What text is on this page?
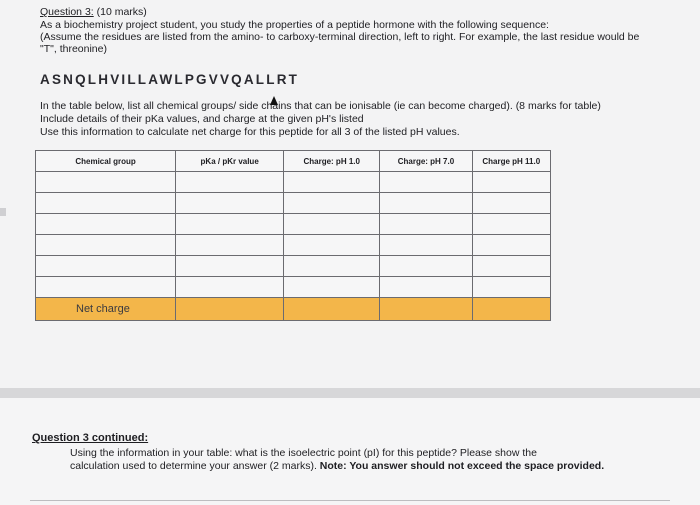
Question 3: (10 marks)
As a biochemistry project student, you study the properties of a peptide hormone with the following sequence:
(Assume the residues are listed from the amino- to carboxy-terminal direction, left to right. For example, the last residue would be
"T", threonine)
ASNQLHVILLAWLPGVVQALLRT
In the table below, list all chemical groups/ side chains that can be ionisable (ie can become charged). (8 marks for table)
Include details of their pKa values, and charge at the given pH's listed
Use this information to calculate net charge for this peptide for all 3 of the listed pH values.
Chemical group	pKa / pKr value	Charge: pH 1.0	Charge: pH 7.0	Charge pH 11.0

Net charge				
Question 3 continued:
Using the information in your table: what is the isoelectric point (pI) for this peptide? Please show the
calculation used to determine your answer (2 marks). Note: You answer should not exceed the space provided.
